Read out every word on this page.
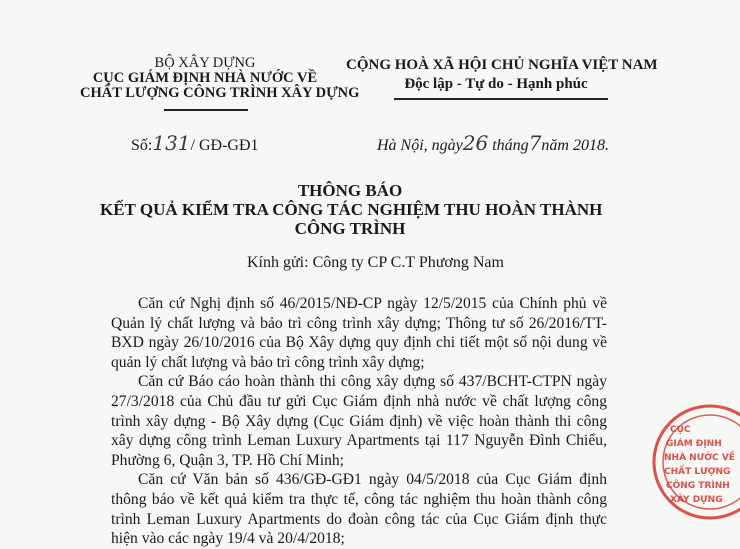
BỘ XÂY DỰNG
CỤC GIÁM ĐỊNH NHÀ NƯỚC VỀ
CHẤT LƯỢNG CÔNG TRÌNH XÂY DỰNG
CỘNG HOÀ XÃ HỘI CHỦ NGHĨA VIỆT NAM
Độc lập - Tự do - Hạnh phúc
Số:131/ GĐ-GĐ1	Hà Nội, ngày26 tháng7năm 2018.
THÔNG BÁO
KẾT QUẢ KIỂM TRA CÔNG TÁC NGHIỆM THU HOÀN THÀNH
CÔNG TRÌNH
Kính gửi: Công ty CP C.T Phương Nam

Căn cứ Nghị định số 46/2015/NĐ-CP ngày 12/5/2015 của Chính phủ về Quản lý chất lượng và bảo trì công trình xây dựng; Thông tư số 26/2016/TT-BXD ngày 26/10/2016 của Bộ Xây dựng quy định chi tiết một số nội dung về quản lý chất lượng và bảo trì công trình xây dựng;

Căn cứ Báo cáo hoàn thành thi công xây dựng số 437/BCHT-CTPN ngày 27/3/2018 của Chủ đầu tư gửi Cục Giám định nhà nước về chất lượng công trình xây dựng - Bộ Xây dựng (Cục Giám định) về việc hoàn thành thi công xây dựng công trình Leman Luxury Apartments tại 117 Nguyễn Đình Chiểu, Phường 6, Quận 3, TP. Hồ Chí Minh;

Căn cứ Văn bản số 436/GĐ-GĐ1 ngày 04/5/2018 của Cục Giám định thông báo về kết quả kiểm tra thực tế, công tác nghiệm thu hoàn thành công trình Leman Luxury Apartments do đoàn công tác của Cục Giám định thực hiện vào các ngày 19/4 và 20/4/2018;

CỤC
GIÁM ĐỊNH
NHÀ NƯỚC VỀ
CHẤT LƯỢNG
CÔNG TRÌNH
XÂY DỰNG
